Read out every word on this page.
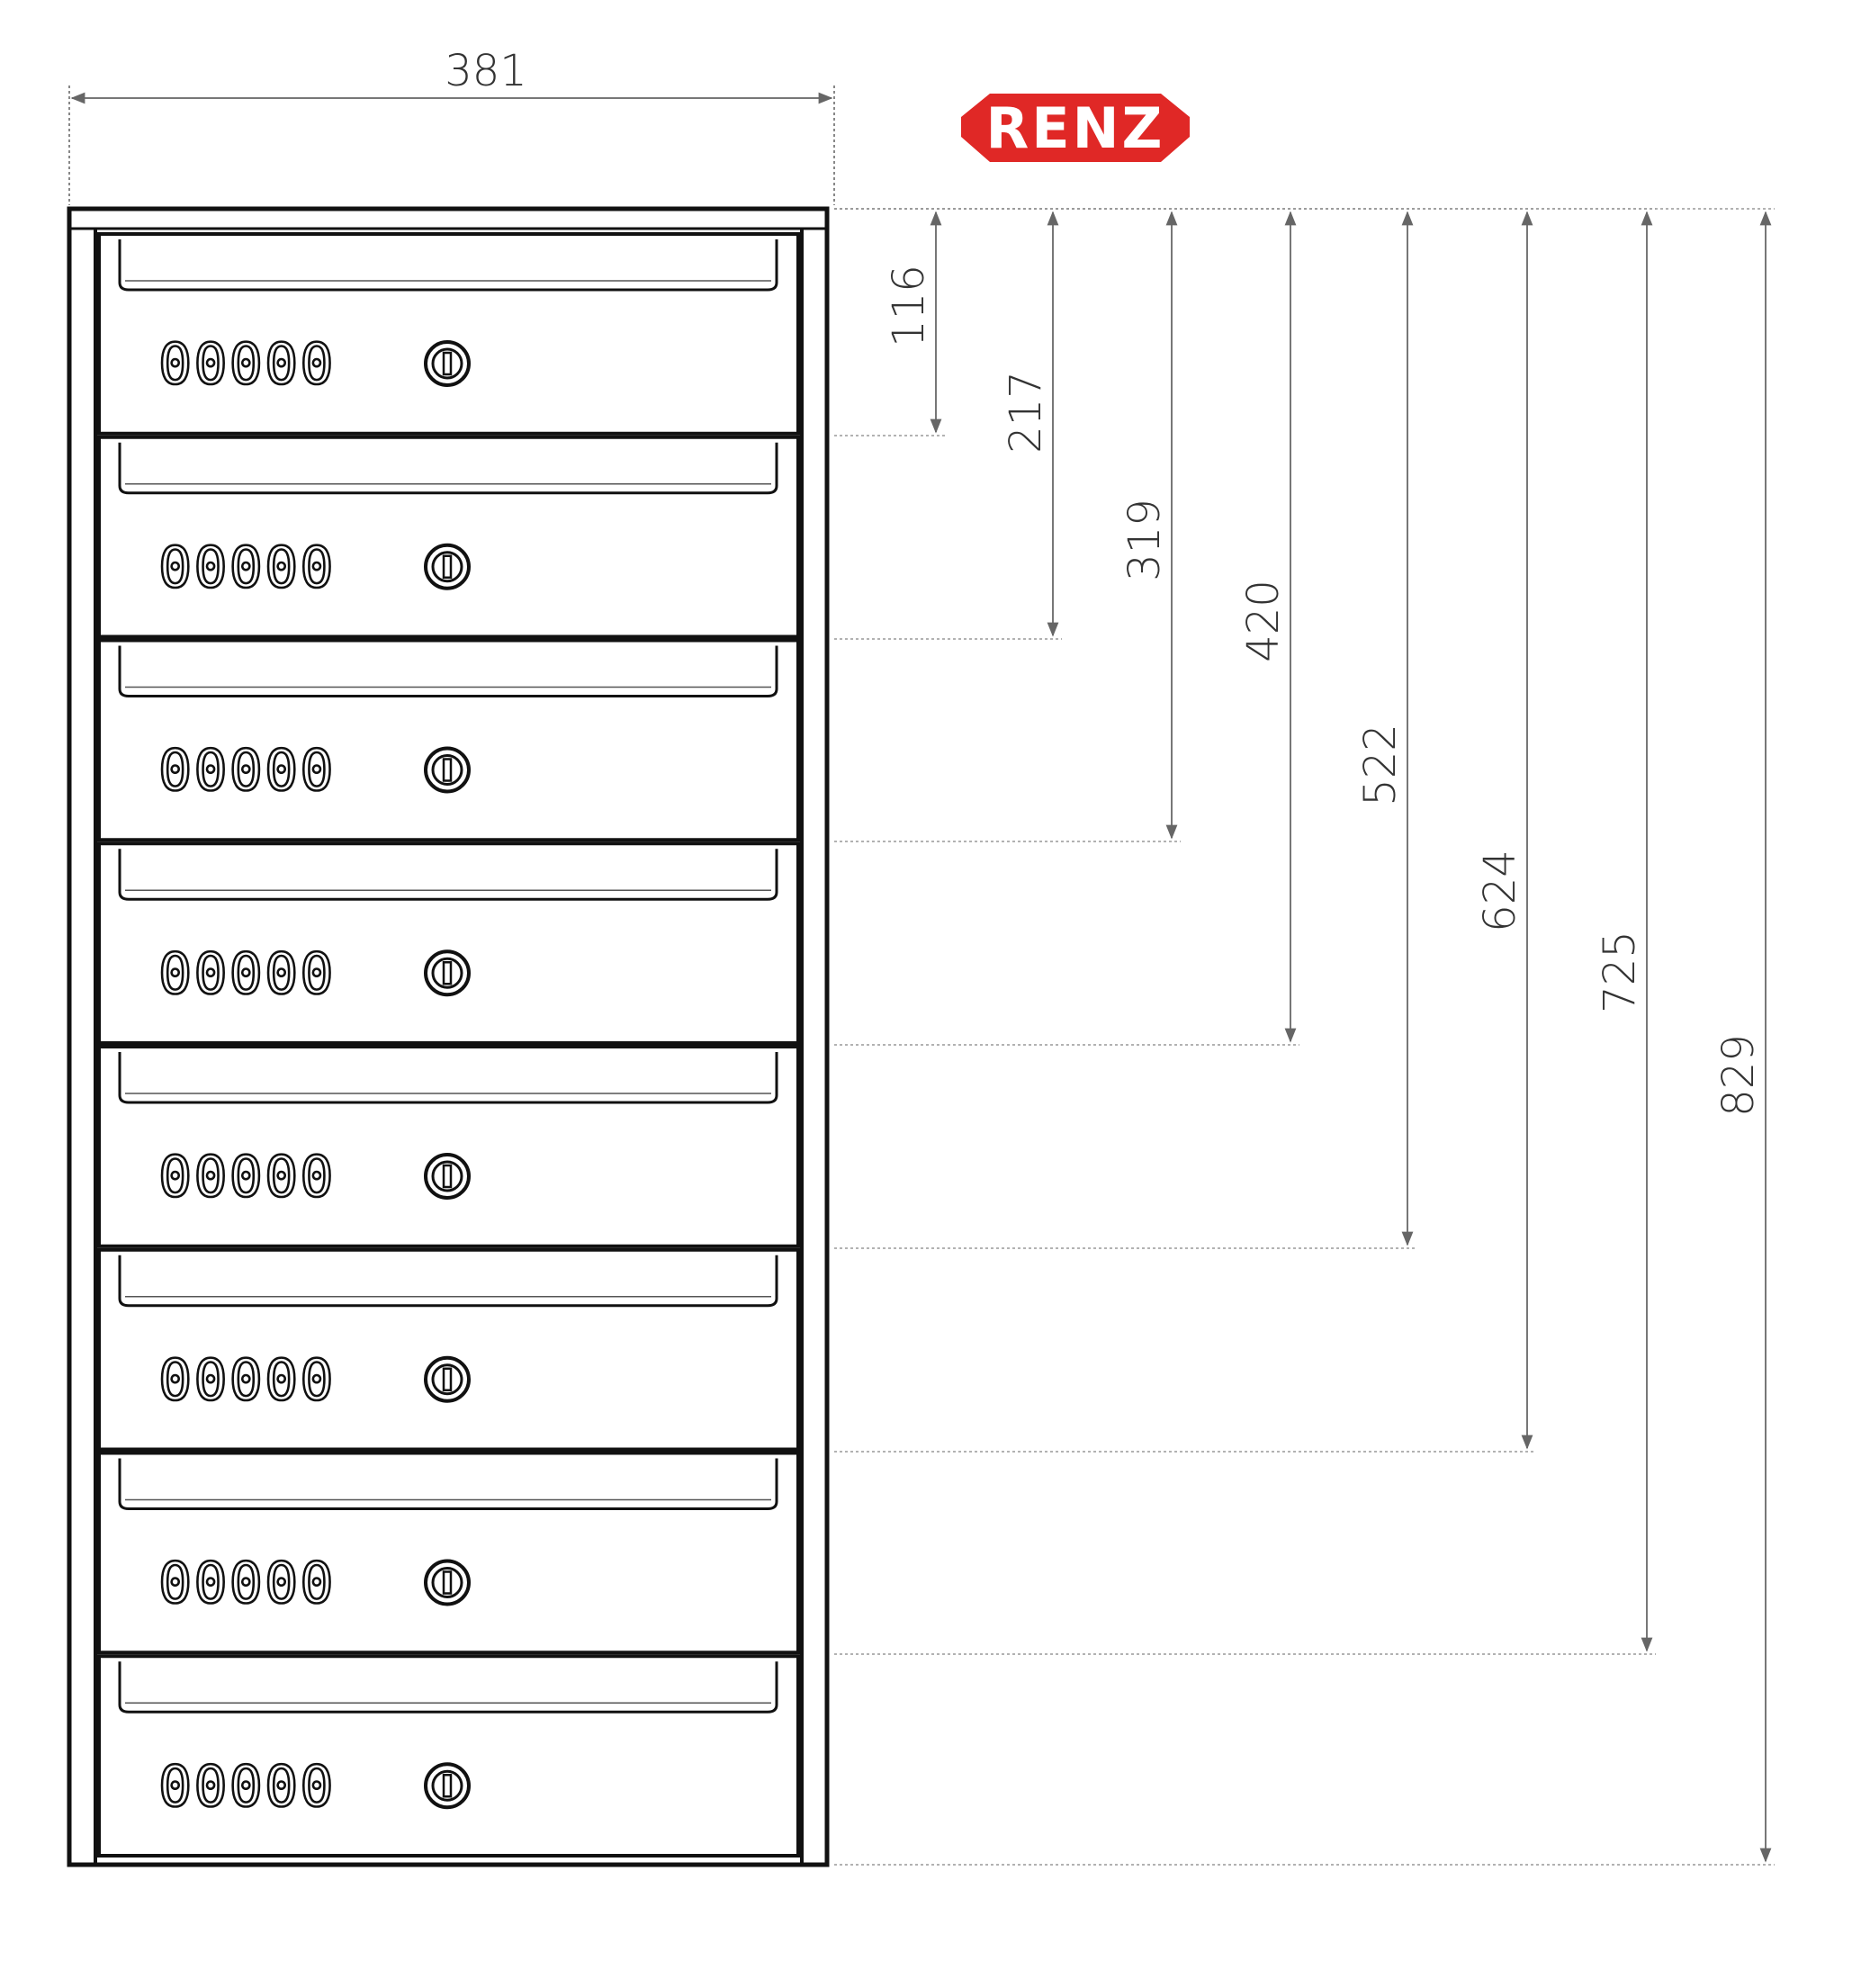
RENZ
381
00000
00000
00000
00000
00000
00000
00000
00000
116
217
319
420
522
624
725
829
